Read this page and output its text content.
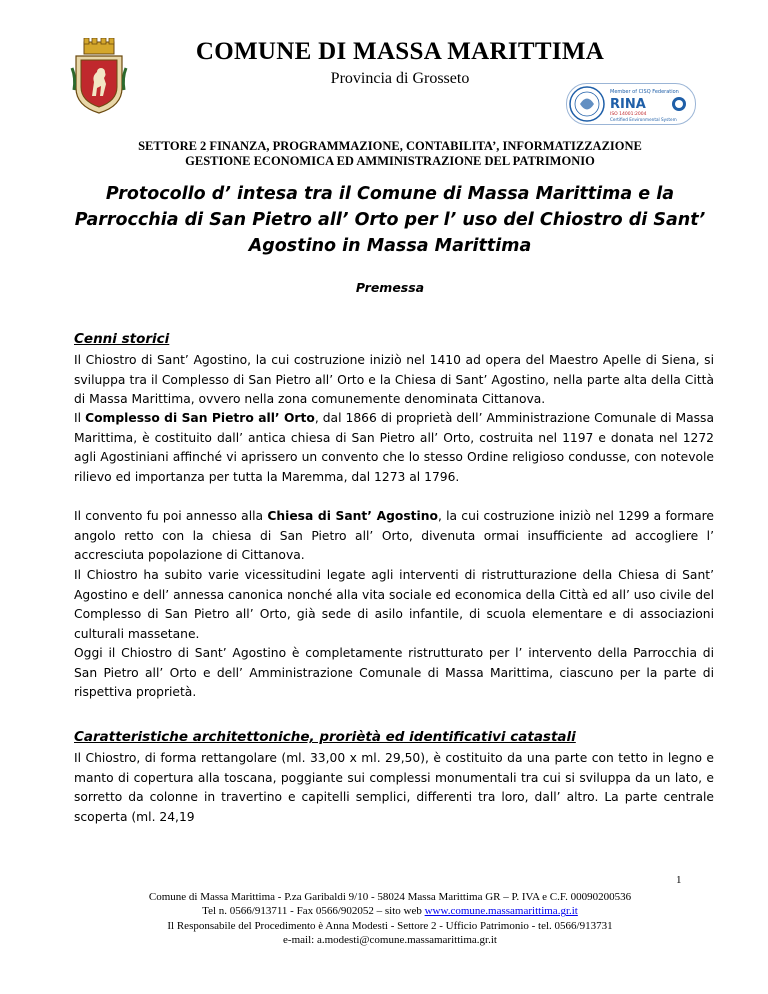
COMUNE DI MASSA MARITTIMA
Provincia di Grosseto
Member of CISQ Federation
RINA
ISO 14001:2004
Certified Environmental System
SETTORE 2 FINANZA, PROGRAMMAZIONE, CONTABILITA’, INFORMATIZZAZIONE
GESTIONE ECONOMICA ED AMMINISTRAZIONE DEL PATRIMONIO
Protocollo d’ intesa tra il Comune di Massa Marittima e la Parrocchia di San Pietro all’ Orto per l’ uso del Chiostro di Sant’ Agostino in Massa Marittima
Premessa
Cenni storici

Il Chiostro di Sant’ Agostino, la cui costruzione iniziò nel 1410 ad opera del Maestro Apelle di Siena, si sviluppa tra il Complesso di San Pietro all’ Orto e la Chiesa di Sant’ Agostino, nella parte alta della Città di Massa Marittima, ovvero nella zona comunemente denominata Cittanova.

Il Complesso di San Pietro all’ Orto, dal 1866 di proprietà dell’ Amministrazione Comunale di Massa Marittima, è costituito dall’ antica chiesa di San Pietro all’ Orto, costruita nel 1197 e donata nel 1272 agli Agostiniani affinché vi aprissero un convento che lo stesso Ordine religioso condusse, con notevole rilievo ed importanza per tutta la Maremma, dal 1273 al 1796.

Il convento fu poi annesso alla Chiesa di Sant’ Agostino, la cui costruzione iniziò nel 1299 a formare angolo retto con la chiesa di San Pietro all’ Orto, divenuta ormai insufficiente ad accogliere l’ accresciuta popolazione di Cittanova.

Il Chiostro ha subito varie vicessitudini legate agli interventi di ristrutturazione della Chiesa di Sant’ Agostino e dell’ annessa canonica nonché alla vita sociale ed economica della Città ed all’ uso civile del Complesso di San Pietro all’ Orto, già sede di asilo infantile, di scuola elementare e di associazioni culturali massetane.

Oggi il Chiostro di Sant’ Agostino è completamente ristrutturato per l’ intervento della Parrocchia di San Pietro all’ Orto e dell’ Amministrazione Comunale di Massa Marittima, ciascuno per la parte di rispettiva proprietà.

Caratteristiche architettoniche, proriètà ed identificativi catastali

Il Chiostro, di forma rettangolare (ml. 33,00 x ml. 29,50), è costituito da una parte con tetto in legno e manto di copertura alla toscana, poggiante sui complessi monumentali tra cui si sviluppa da un lato, e sorretto da colonne in travertino e capitelli semplici, differenti tra loro, dall’ altro. La parte centrale scoperta (ml. 24,19

1
Comune di Massa Marittima - P.za Garibaldi 9/10 - 58024 Massa Marittima GR – P. IVA e C.F. 00090200536
Tel n. 0566/913711 - Fax 0566/902052 – sito web www.comune.massamarittima.gr.it
Il Responsabile del Procedimento è Anna Modesti - Settore 2 - Ufficio Patrimonio - tel. 0566/913731
e-mail: a.modesti@comune.massamarittima.gr.it
